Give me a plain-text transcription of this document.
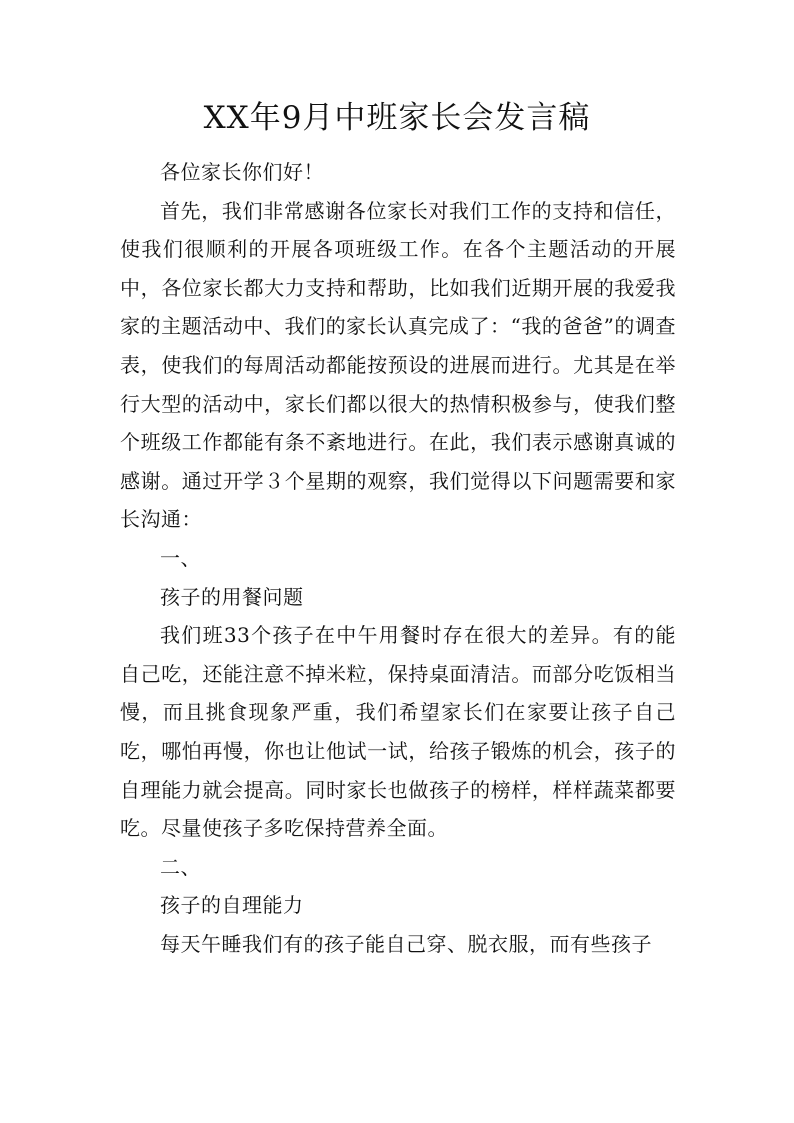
XX年9月中班家长会发言稿

各位家长你们好！

首先，我们非常感谢各位家长对我们工作的支持和信任，使我们很顺利的开展各项班级工作。在各个主题活动的开展中，各位家长都大力支持和帮助，比如我们近期开展的我爱我家的主题活动中、我们的家长认真完成了：“我的爸爸”的调查表，使我们的每周活动都能按预设的进展而进行。尤其是在举行大型的活动中，家长们都以很大的热情积极参与，使我们整个班级工作都能有条不紊地进行。在此，我们表示感谢真诚的感谢。通过开学３个星期的观察，我们觉得以下问题需要和家长沟通：

一、

孩子的用餐问题

我们班33个孩子在中午用餐时存在很大的差异。有的能自己吃，还能注意不掉米粒，保持桌面清洁。而部分吃饭相当慢，而且挑食现象严重，我们希望家长们在家要让孩子自己吃，哪怕再慢，你也让他试一试，给孩子锻炼的机会，孩子的自理能力就会提高。同时家长也做孩子的榜样，样样蔬菜都要吃。尽量使孩子多吃保持营养全面。

二、

孩子的自理能力

每天午睡我们有的孩子能自己穿、脱衣服，而有些孩子
